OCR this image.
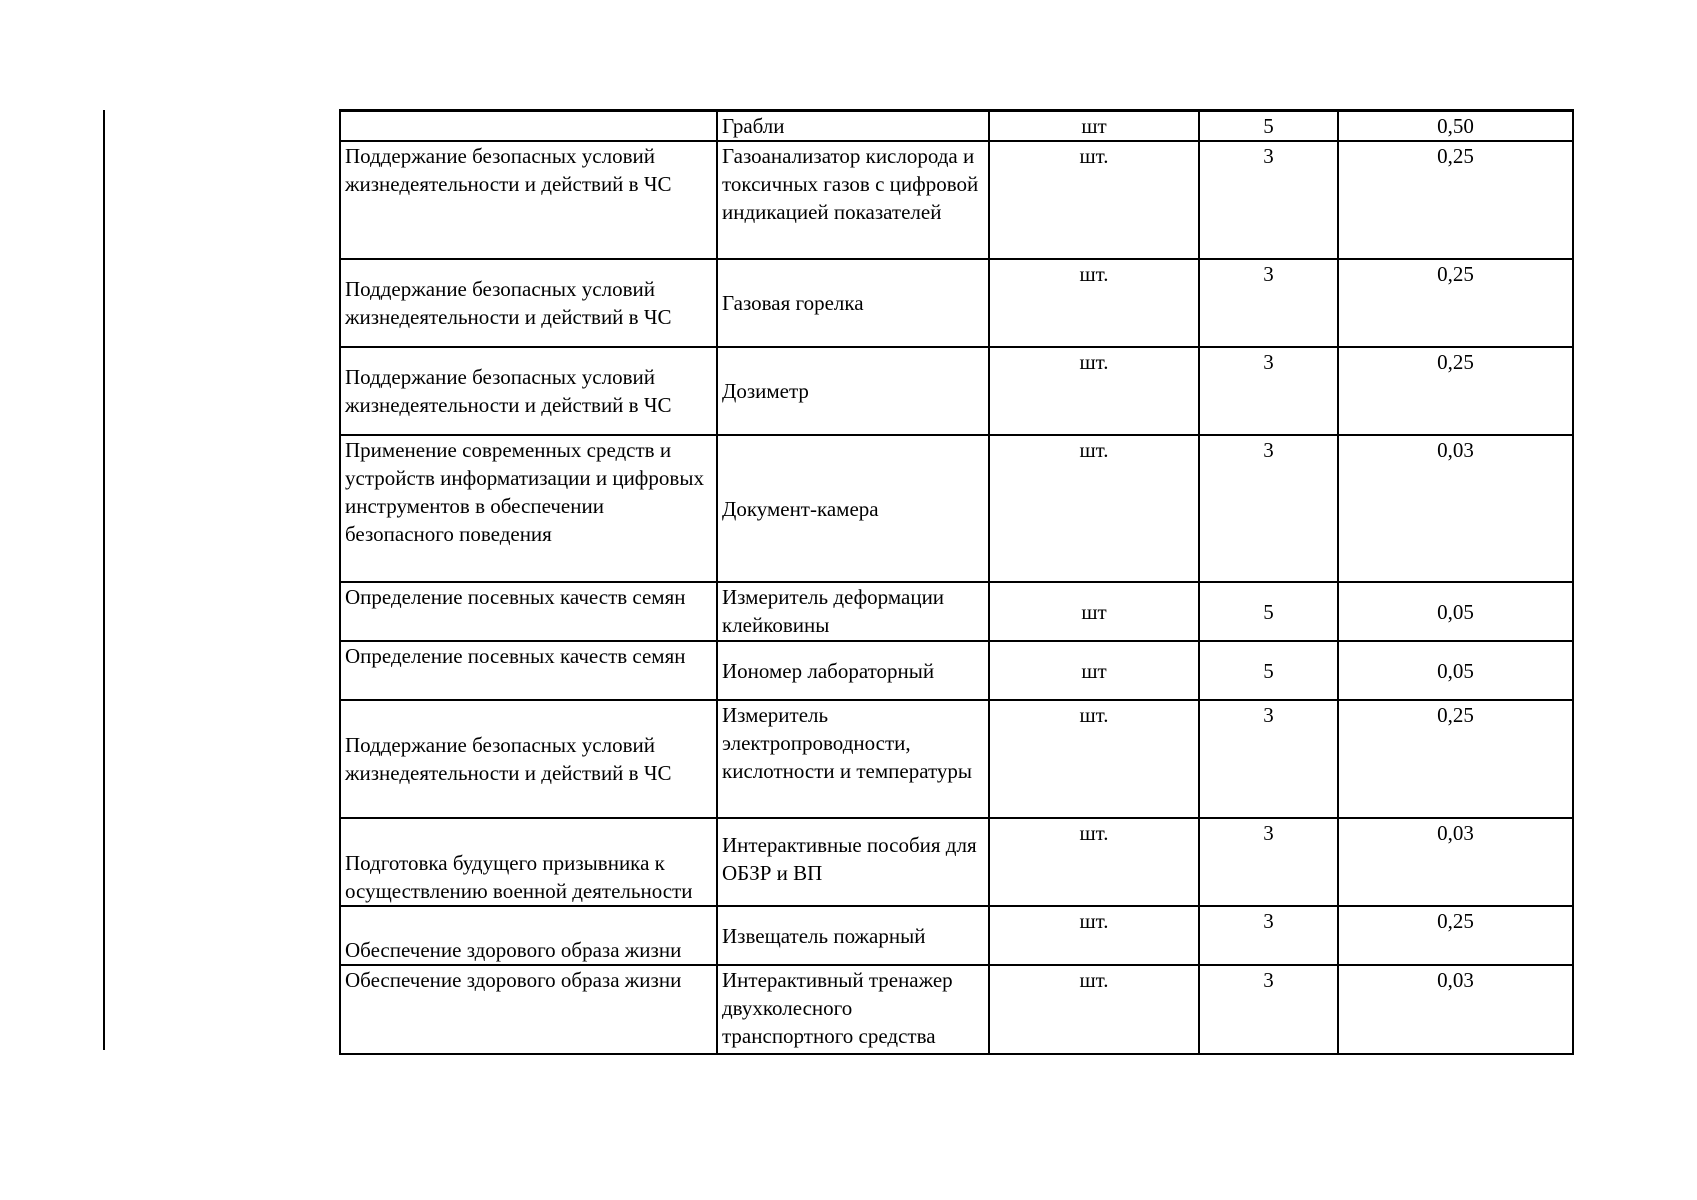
	Грабли	шт	5	0,50
Поддержание безопасных условий жизнедеятельности и действий в ЧС	Газоанализатор кислорода и токсичных газов с цифровой индикацией показателей	шт.	3	0,25
Поддержание безопасных условий жизнедеятельности и действий в ЧС	Газовая горелка	шт.	3	0,25
Поддержание безопасных условий жизнедеятельности и действий в ЧС	Дозиметр	шт.	3	0,25
Применение современных средств и устройств информатизации и цифровых инструментов в обеспечении безопасного поведения	Документ-камера	шт.	3	0,03
Определение посевных качеств семян	Измеритель деформации клейковины	шт	5	0,05
Определение посевных качеств семян	Иономер лабораторный	шт	5	0,05
Поддержание безопасных условий жизнедеятельности и действий в ЧС	Измеритель электропроводности, кислотности и температуры	шт.	3	0,25
Подготовка будущего призывника к осуществлению военной деятельности	Интерактивные пособия для ОБЗР и ВП	шт.	3	0,03
Обеспечение здорового образа жизни	Извещатель пожарный	шт.	3	0,25
Обеспечение здорового образа жизни	Интерактивный тренажер двухколесного транспортного средства	шт.	3	0,03
